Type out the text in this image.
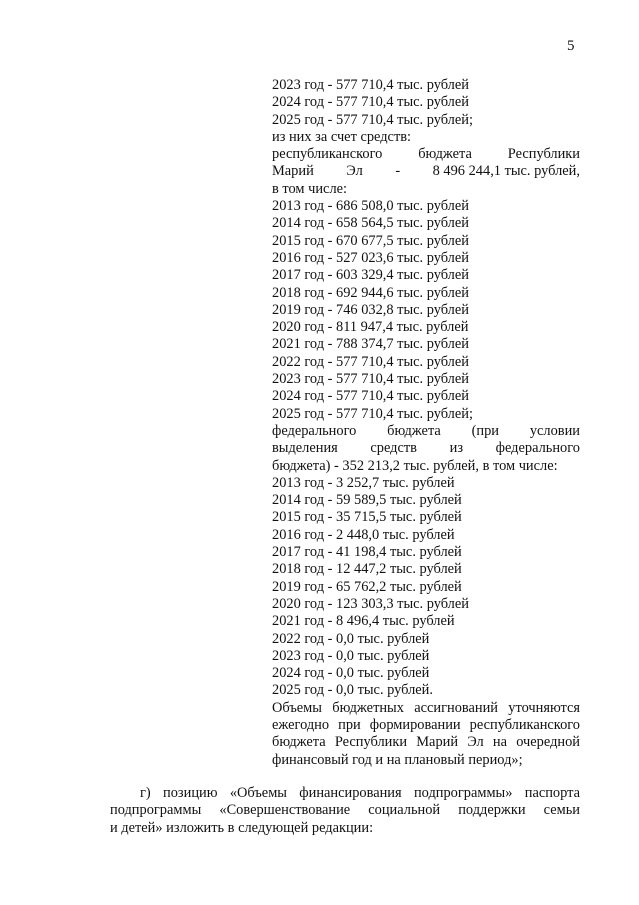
5
2023 год - 577 710,4 тыс. рублей
2024 год - 577 710,4 тыс. рублей
2025 год - 577 710,4 тыс. рублей;
из них за счет средств:
республиканского бюджета Республики
Марий Эл - 8 496 244,1 тыс. рублей,
в том числе:
2013 год - 686 508,0 тыс. рублей
2014 год - 658 564,5 тыс. рублей
2015 год - 670 677,5 тыс. рублей
2016 год - 527 023,6 тыс. рублей
2017 год - 603 329,4 тыс. рублей
2018 год - 692 944,6 тыс. рублей
2019 год - 746 032,8 тыс. рублей
2020 год - 811 947,4 тыс. рублей
2021 год - 788 374,7 тыс. рублей
2022 год - 577 710,4 тыс. рублей
2023 год - 577 710,4 тыс. рублей
2024 год - 577 710,4 тыс. рублей
2025 год - 577 710,4 тыс. рублей;
федерального бюджета (при условии
выделения средств из федерального
бюджета) - 352 213,2 тыс. рублей, в том числе:
2013 год - 3 252,7 тыс. рублей
2014 год - 59 589,5 тыс. рублей
2015 год - 35 715,5 тыс. рублей
2016 год - 2 448,0 тыс. рублей
2017 год - 41 198,4 тыс. рублей
2018 год - 12 447,2 тыс. рублей
2019 год - 65 762,2 тыс. рублей
2020 год - 123 303,3 тыс. рублей
2021 год - 8 496,4 тыс. рублей
2022 год - 0,0 тыс. рублей
2023 год - 0,0 тыс. рублей
2024 год - 0,0 тыс. рублей
2025 год - 0,0 тыс. рублей.
Объемы бюджетных ассигнований уточняются
ежегодно при формировании республиканского
бюджета Республики Марий Эл на очередной
финансовый год и на плановый период»;
г) позицию «Объемы финансирования подпрограммы» паспорта
подпрограммы «Совершенствование социальной поддержки семьи
и детей» изложить в следующей редакции:
